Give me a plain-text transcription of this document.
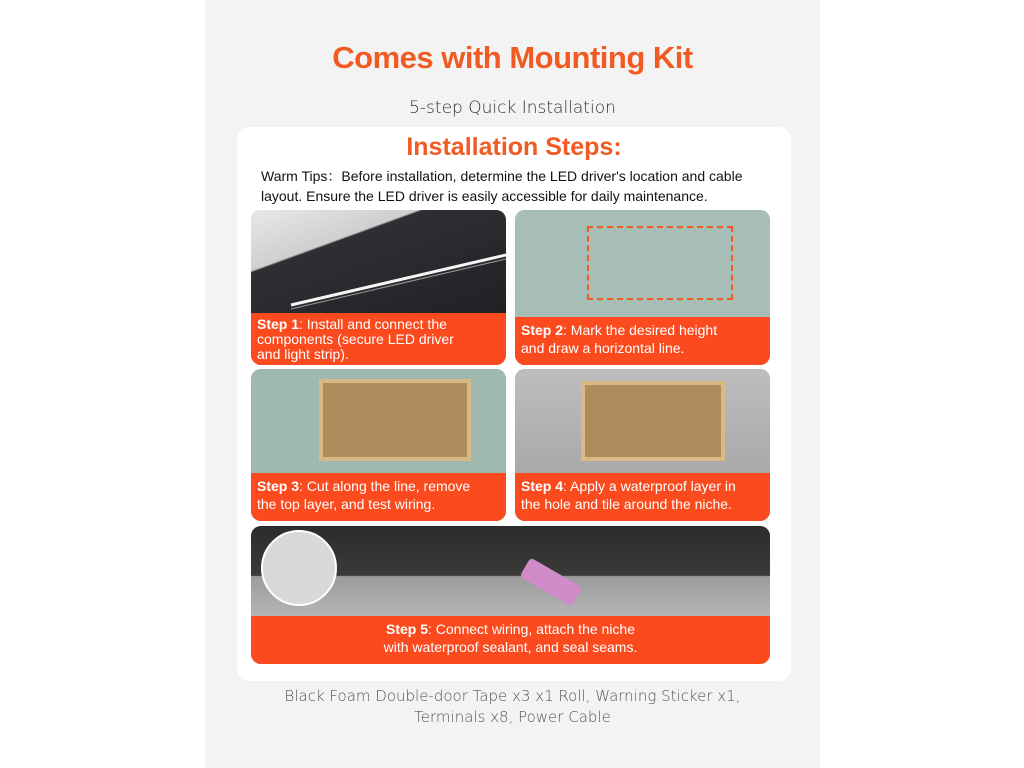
Comes with Mounting Kit
5-step Quick Installation
Installation Steps:
Warm Tips：Before installation, determine the LED driver's location and cable
layout. Ensure the LED driver is easily accessible for daily maintenance.
Step 1: Install and connect the
components (secure LED driver
and light strip).
Step 2: Mark the desired height
and draw a horizontal line.
Step 3: Cut along the line, remove
the top layer, and test wiring.
Step 4: Apply a waterproof layer in
the hole and tile around the niche.
Step 5: Connect wiring, attach the niche
with waterproof sealant, and seal seams.
Black Foam Double-door Tape x3 x1 Roll, Warning Sticker x1,
Terminals x8, Power Cable
